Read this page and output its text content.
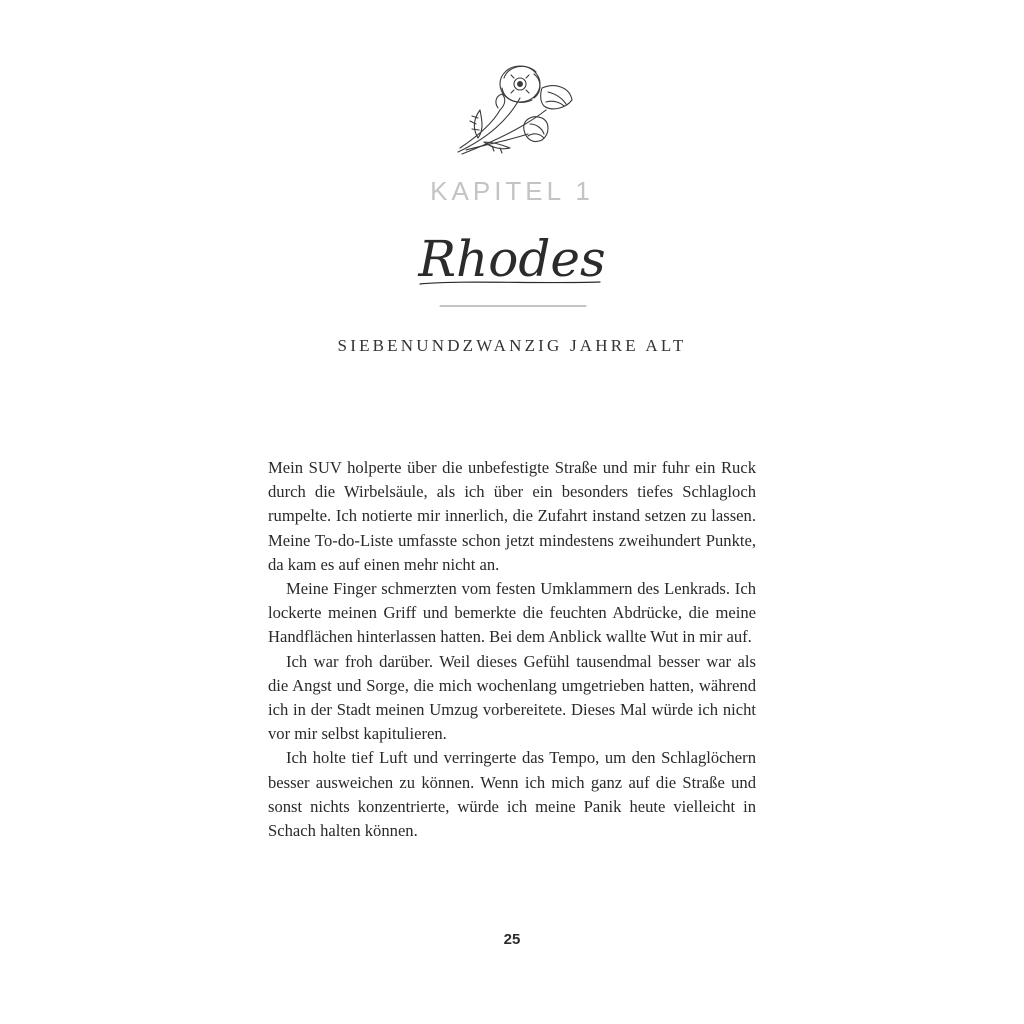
KAPITEL 1
Rhodes
SIEBENUNDZWANZIG JAHRE ALT

Mein SUV holperte über die unbefestigte Straße und mir fuhr ein Ruck durch die Wirbelsäule, als ich über ein besonders tiefes Schlagloch rumpelte. Ich notierte mir innerlich, die Zufahrt instand setzen zu lassen. Meine To-do-Liste umfasste schon jetzt mindestens zweihundert Punkte, da kam es auf einen mehr nicht an.

Meine Finger schmerzten vom festen Umklammern des Lenkrads. Ich lockerte meinen Griff und bemerkte die feuchten Abdrücke, die meine Handflächen hinterlassen hatten. Bei dem Anblick wallte Wut in mir auf.

Ich war froh darüber. Weil dieses Gefühl tausendmal besser war als die Angst und Sorge, die mich wochenlang umgetrieben hatten, während ich in der Stadt meinen Umzug vorbereitete. Dieses Mal würde ich nicht vor mir selbst kapitulieren.

Ich holte tief Luft und verringerte das Tempo, um den Schlaglöchern besser ausweichen zu können. Wenn ich mich ganz auf die Straße und sonst nichts konzentrierte, würde ich meine Panik heute vielleicht in Schach halten können.

25
